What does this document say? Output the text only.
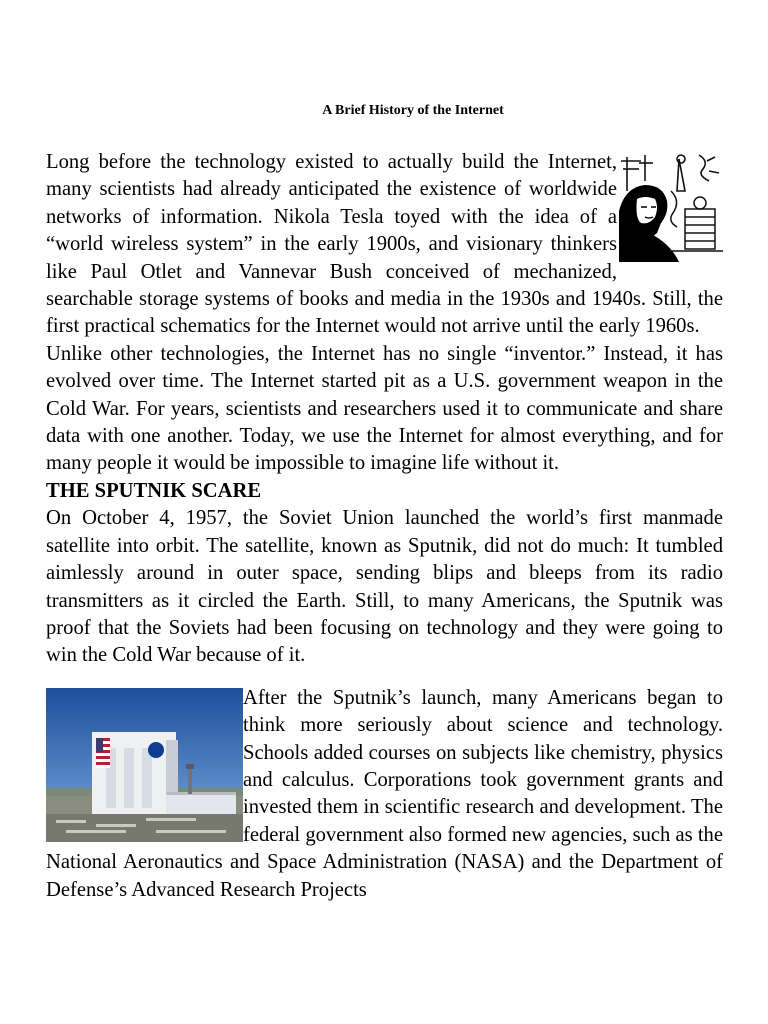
A Brief History of the Internet

Long before the technology existed to actually build the Internet, many scientists had already anticipated the existence of worldwide networks of information. Nikola Tesla toyed with the idea of a “world wireless system” in the early 1900s, and visionary thinkers like Paul Otlet and Vannevar Bush conceived of mechanized, searchable storage systems of books and media in the 1930s and 1940s. Still, the first practical schematics for the Internet would not arrive until the early 1960s.

Unlike other technologies, the Internet has no single “inventor.” Instead, it has evolved over time. The Internet started pit as a U.S. government weapon in the Cold War. For years, scientists and researchers used it to communicate and share data with one another. Today, we use the Internet for almost everything, and for many people it would be impossible to imagine life without it.

THE SPUTNIK SCARE

On October 4, 1957, the Soviet Union launched the world’s first manmade satellite into orbit. The satellite, known as Sputnik, did not do much: It tumbled aimlessly around in outer space, sending blips and bleeps from its radio transmitters as it circled the Earth. Still, to many Americans, the Sputnik was proof that the Soviets had been focusing on technology and they were going to win the Cold War because of it.

After the Sputnik’s launch, many Americans began to think more seriously about science and technology. Schools added courses on subjects like chemistry, physics and calculus. Corporations took government grants and invested them in scientific research and development. The federal government also formed new agencies, such as the National Aeronautics and Space Administration (NASA) and the Department of Defense’s Advanced Research Projects
